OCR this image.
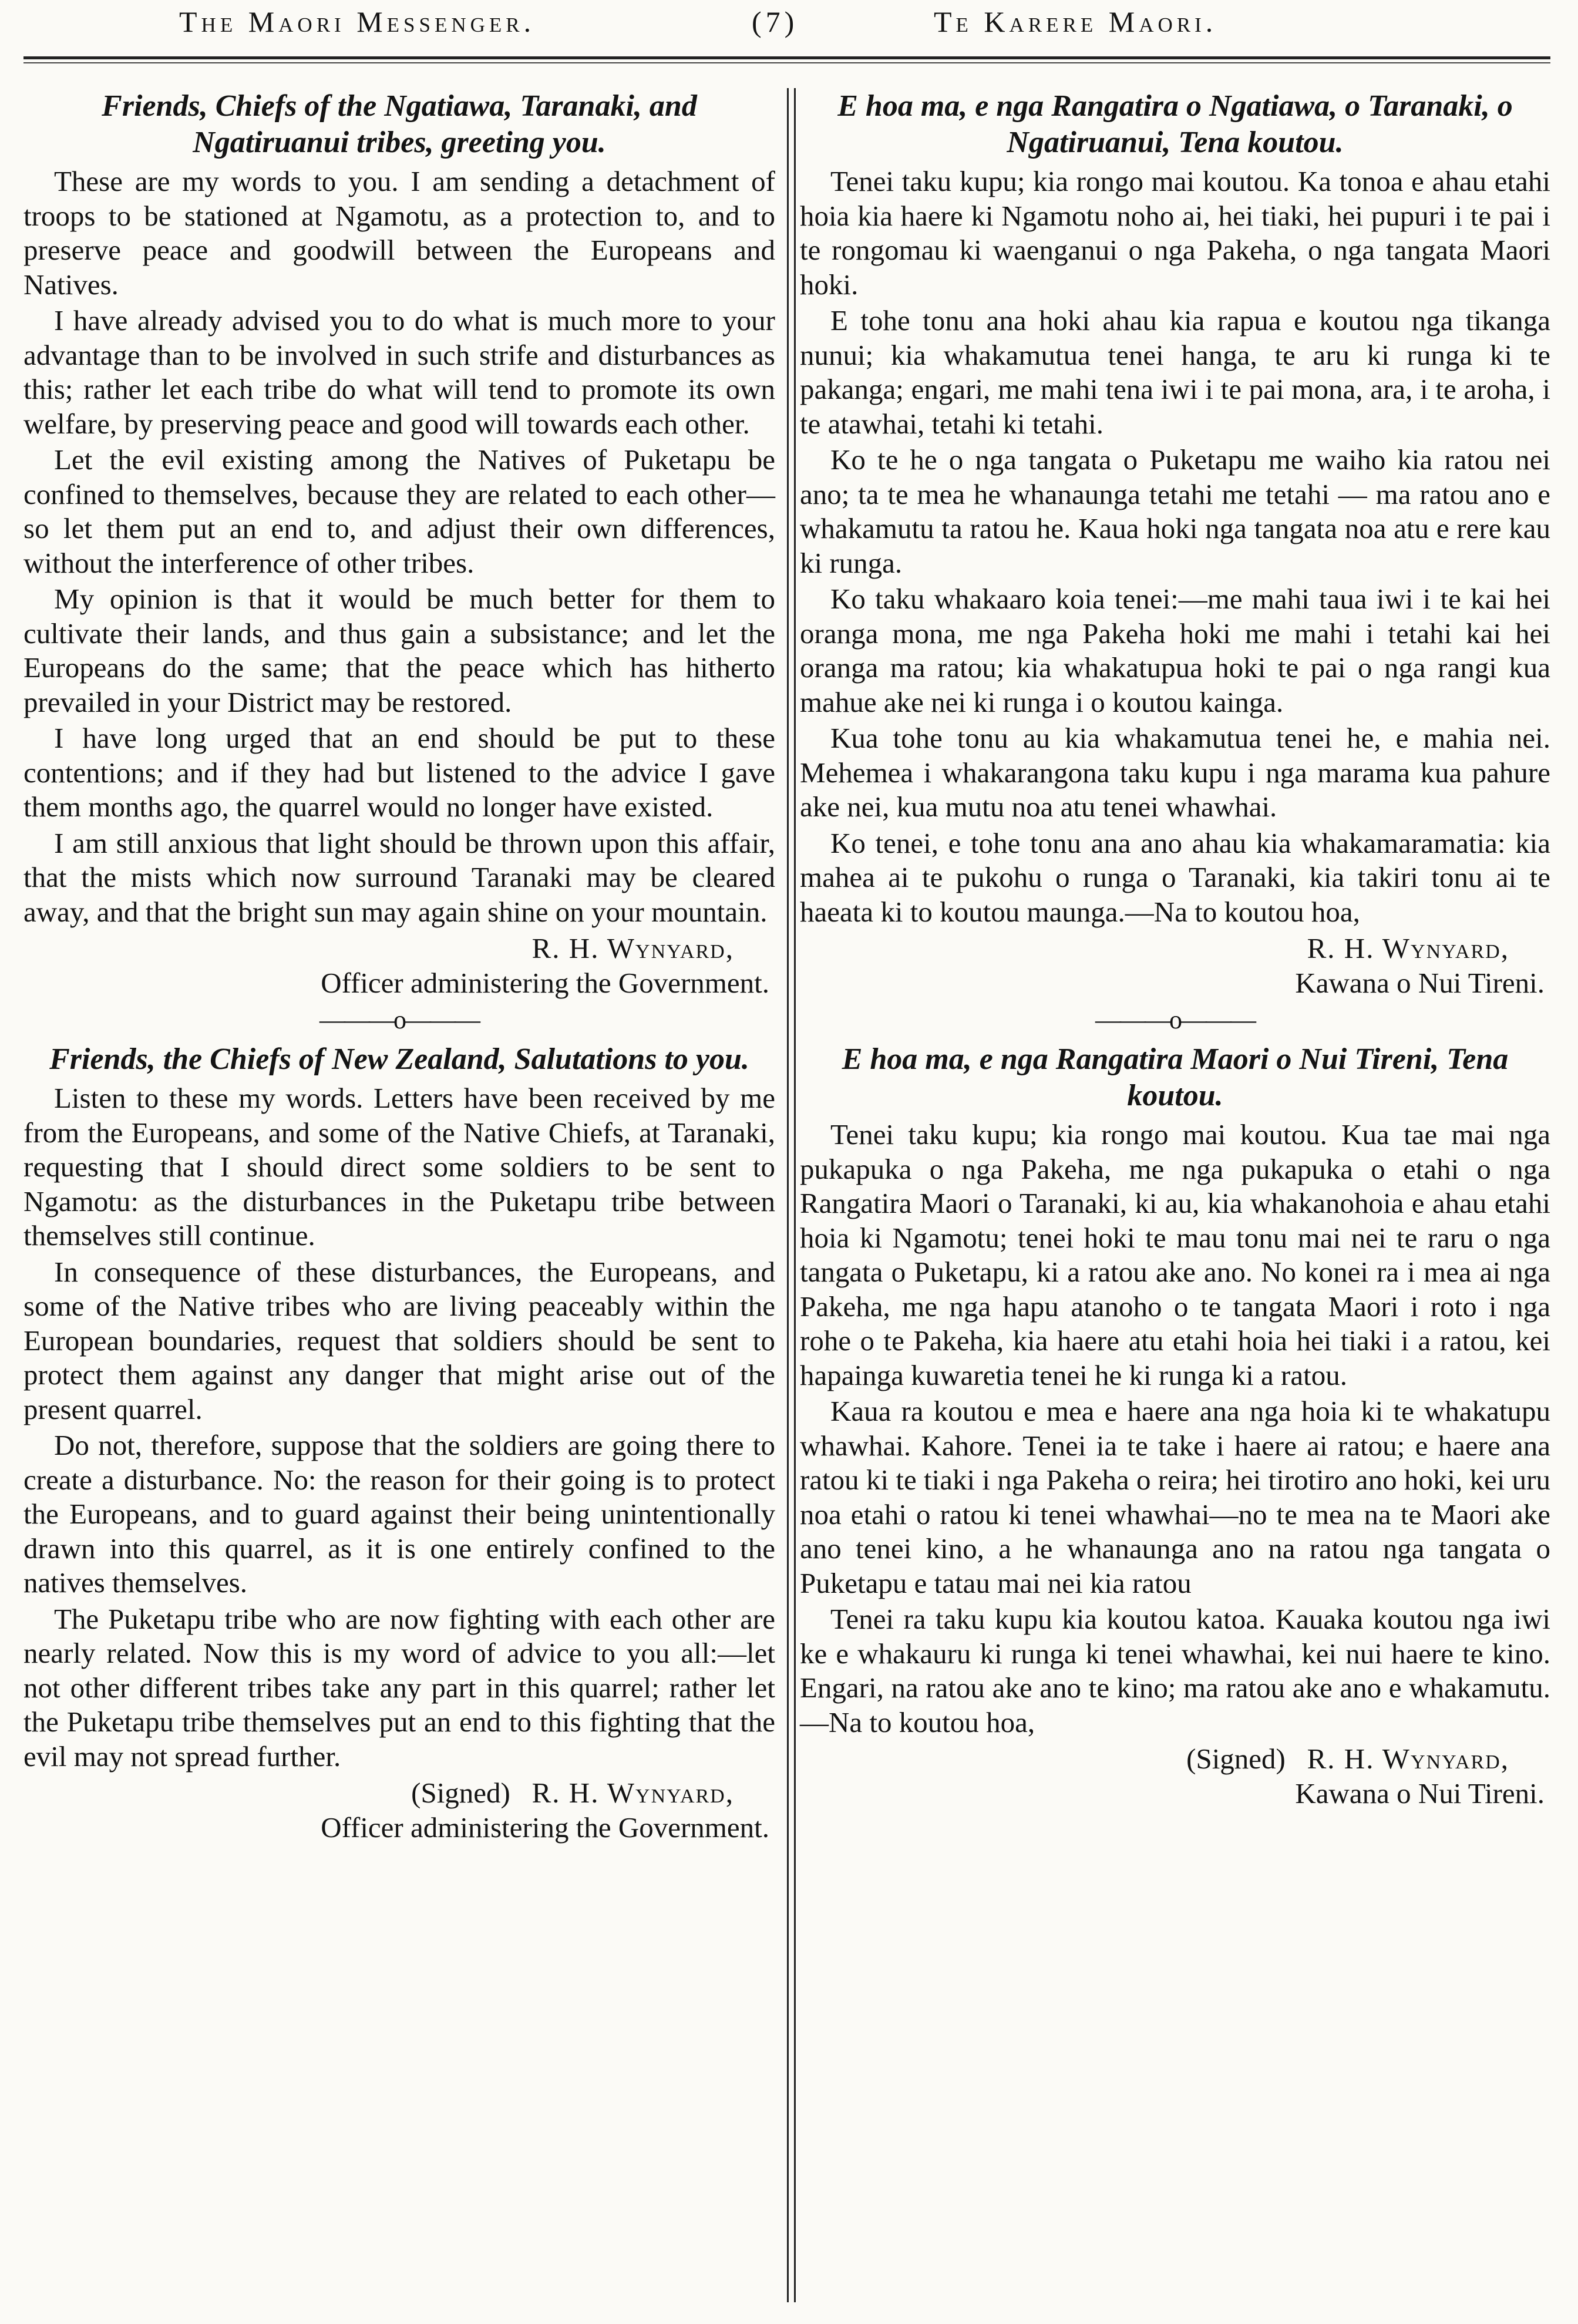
The Maori Messenger.	(7)	Te Karere Maori.

Friends, Chiefs of the Ngatiawa, Taranaki, and Ngatiruanui tribes, greeting you.

These are my words to you. I am sending a detachment of troops to be stationed at Ngamotu, as a protection to, and to preserve peace and goodwill between the Europeans and Natives.

I have already advised you to do what is much more to your advantage than to be involved in such strife and disturbances as this; rather let each tribe do what will tend to promote its own welfare, by preserving peace and good will towards each other.

Let the evil existing among the Natives of Puketapu be confined to themselves, because they are related to each other—so let them put an end to, and adjust their own differences, without the interference of other tribes.

My opinion is that it would be much better for them to cultivate their lands, and thus gain a subsistance; and let the Europeans do the same; that the peace which has hitherto prevailed in your District may be restored.

I have long urged that an end should be put to these contentions; and if they had but listened to the advice I gave them months ago, the quarrel would no longer have existed.

I am still anxious that light should be thrown upon this affair, that the mists which now surround Taranaki may be cleared away, and that the bright sun may again shine on your mountain.

R. H. Wynyard,

Officer administering the Government.

———o———

Friends, the Chiefs of New Zealand, Salutations to you.

Listen to these my words. Letters have been received by me from the Europeans, and some of the Native Chiefs, at Taranaki, requesting that I should direct some soldiers to be sent to Ngamotu: as the disturbances in the Puketapu tribe between themselves still continue.

In consequence of these disturbances, the Europeans, and some of the Native tribes who are living peaceably within the European boundaries, request that soldiers should be sent to protect them against any danger that might arise out of the present quarrel.

Do not, therefore, suppose that the soldiers are going there to create a disturbance. No: the reason for their going is to protect the Europeans, and to guard against their being unintentionally drawn into this quarrel, as it is one entirely confined to the natives themselves.

The Puketapu tribe who are now fighting with each other are nearly related. Now this is my word of advice to you all:—let not other different tribes take any part in this quarrel; rather let the Puketapu tribe themselves put an end to this fighting that the evil may not spread further.

(Signed) R. H. Wynyard,

Officer administering the Government.

E hoa ma, e nga Rangatira o Ngatiawa, o Taranaki, o Ngatiruanui, Tena koutou.

Tenei taku kupu; kia rongo mai koutou. Ka tonoa e ahau etahi hoia kia haere ki Ngamotu noho ai, hei tiaki, hei pupuri i te pai i te rongomau ki waenganui o nga Pakeha, o nga tangata Maori hoki.

E tohe tonu ana hoki ahau kia rapua e koutou nga tikanga nunui; kia whakamutua tenei hanga, te aru ki runga ki te pakanga; engari, me mahi tena iwi i te pai mona, ara, i te aroha, i te atawhai, tetahi ki tetahi.

Ko te he o nga tangata o Puketapu me waiho kia ratou nei ano; ta te mea he whanaunga tetahi me tetahi — ma ratou ano e whakamutu ta ratou he. Kaua hoki nga tangata noa atu e rere kau ki runga.

Ko taku whakaaro koia tenei:—me mahi taua iwi i te kai hei oranga mona, me nga Pakeha hoki me mahi i tetahi kai hei oranga ma ratou; kia whakatupua hoki te pai o nga rangi kua mahue ake nei ki runga i o koutou kainga.

Kua tohe tonu au kia whakamutua tenei he, e mahia nei. Mehemea i whakarangona taku kupu i nga marama kua pahure ake nei, kua mutu noa atu tenei whawhai.

Ko tenei, e tohe tonu ana ano ahau kia whakamaramatia: kia mahea ai te pukohu o runga o Taranaki, kia takiri tonu ai te haeata ki to koutou maunga.—Na to koutou hoa,

R. H. Wynyard,

Kawana o Nui Tireni.

———o———

E hoa ma, e nga Rangatira Maori o Nui Tireni, Tena koutou.

Tenei taku kupu; kia rongo mai koutou. Kua tae mai nga pukapuka o nga Pakeha, me nga pukapuka o etahi o nga Rangatira Maori o Taranaki, ki au, kia whakanohoia e ahau etahi hoia ki Ngamotu; tenei hoki te mau tonu mai nei te raru o nga tangata o Puketapu, ki a ratou ake ano. No konei ra i mea ai nga Pakeha, me nga hapu atanoho o te tangata Maori i roto i nga rohe o te Pakeha, kia haere atu etahi hoia hei tiaki i a ratou, kei hapainga kuwaretia tenei he ki runga ki a ratou.

Kaua ra koutou e mea e haere ana nga hoia ki te whakatupu whawhai. Kahore. Tenei ia te take i haere ai ratou; e haere ana ratou ki te tiaki i nga Pakeha o reira; hei tirotiro ano hoki, kei uru noa etahi o ratou ki tenei whawhai—no te mea na te Maori ake ano tenei kino, a he whanaunga ano na ratou nga tangata o Puketapu e tatau mai nei kia ratou

Tenei ra taku kupu kia koutou katoa. Kauaka koutou nga iwi ke e whakauru ki runga ki tenei whawhai, kei nui haere te kino. Engari, na ratou ake ano te kino; ma ratou ake ano e whakamutu.—Na to koutou hoa,

(Signed) R. H. Wynyard,

Kawana o Nui Tireni.
